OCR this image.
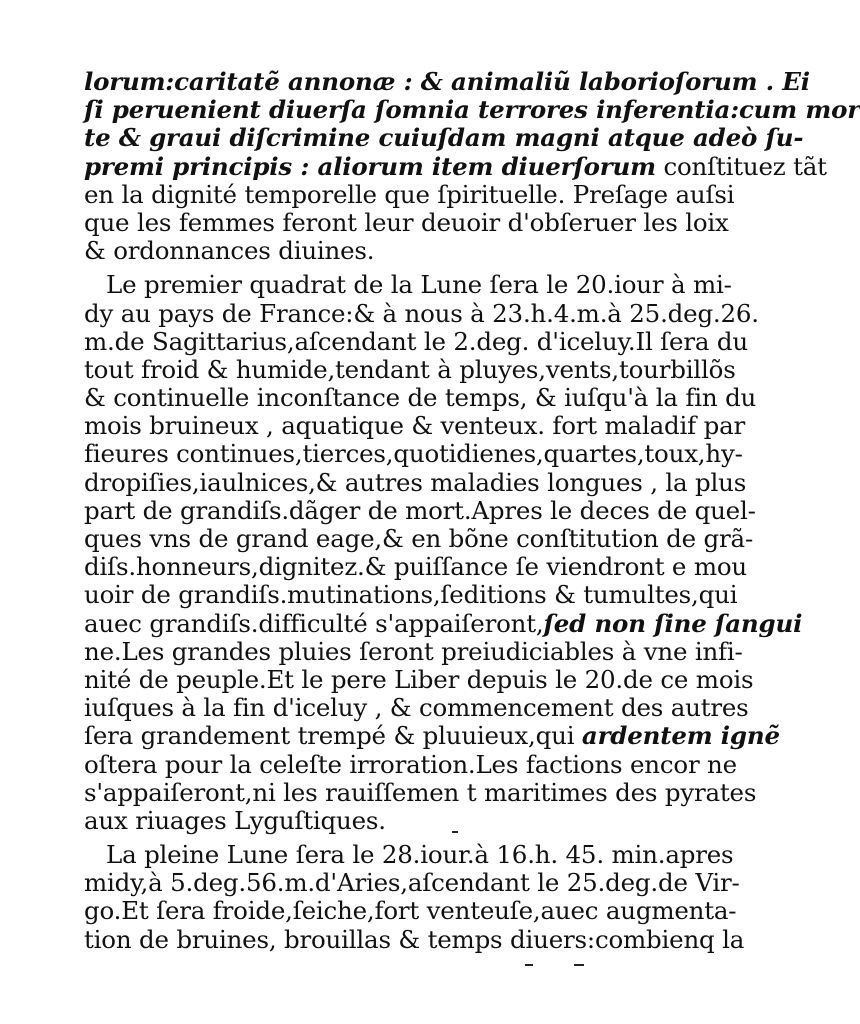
lorum:caritatẽ annonæ : & animaliũ laborioſorum . Ei
ſi peruenient diuerſa ſomnia terrores inferentia:cum mor
te & graui diſcrimine cuiuſdam magni atque adeò ſu-
premi principis : aliorum item diuerſorum conſtituez tãt
en la dignité temporelle que ſpirituelle. Preſage auſsi
que les femmes feront leur deuoir d'obſeruer les loix
& ordonnances diuines.
Le premier quadrat de la Lune ſera le 20.iour à mi-
dy au pays de France:& à nous à 23.h.4.m.à 25.deg.26.
m.de Sagittarius,aſcendant le 2.deg. d'iceluy.Il ſera du
tout froid & humide,tendant à pluyes,vents,tourbillõs
& continuelle inconſtance de temps, & iuſqu'à la fin du
mois bruineux , aquatique & venteux. fort maladif par
fieures continues,tierces,quotidienes,quartes,toux,hy-
dropiſies,iaulnices,& autres maladies longues , la plus
part de grandiſs.dãger de mort.Apres le deces de quel-
ques vns de grand eage,& en bõne conſtitution de grã-
diſs.honneurs,dignitez.& puiſſance ſe viendront e mou
uoir de grandiſs.mutinations,ſeditions & tumultes,qui
auec grandiſs.difficulté s'appaiſeront,ſed non ſine ſangui
ne.Les grandes pluies ſeront preiudiciables à vne infi-
nité de peuple.Et le pere Liber depuis le 20.de ce mois
iuſques à la fin d'iceluy , & commencement des autres
ſera grandement trempé & pluuieux,qui ardentem ignẽ
oſtera pour la celeſte irroration.Les factions encor ne
s'appaiſeront,ni les rauiſſemen t maritimes des pyrates
aux riuages Lyguſtiques.
La pleine Lune ſera le 28.iour.à 16.h. 45. min.apres
midy,à 5.deg.56.m.d'Aries,aſcendant le 25.deg.de Vir-
go.Et ſera froide,ſeiche,fort venteuſe,auec augmenta-
tion de bruines, brouillas & temps diuers:combienq la
